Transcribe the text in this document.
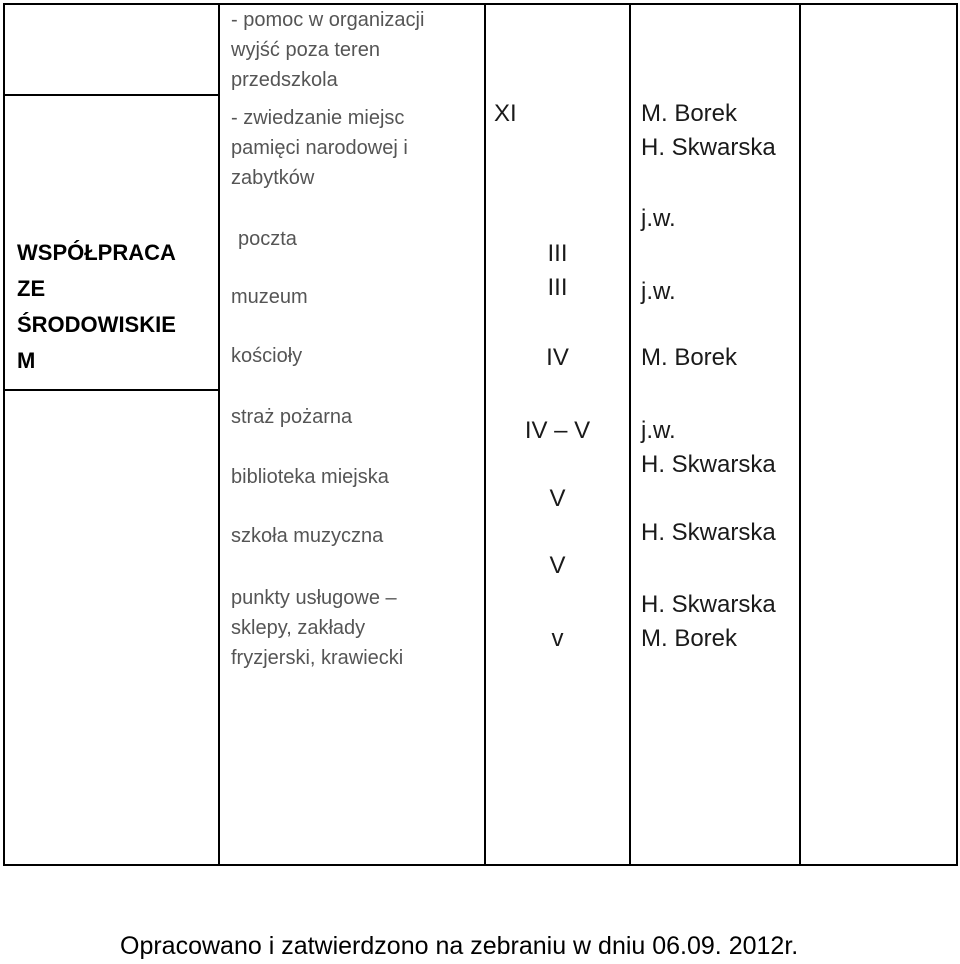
WSPÓŁPRACA
ZE
ŚRODOWISKIE
M
- pomoc w organizacji
wyjść poza teren
przedszkola
- zwiedzanie miejsc
pamięci narodowej i
zabytków
poczta
muzeum
kościoły
straż pożarna
biblioteka miejska
szkoła muzyczna
punkty usługowe –
sklepy, zakłady
fryzjerski, krawiecki
XI
III
III
IV
IV – V
V
V
v
M. Borek
H. Skwarska
j.w.
j.w.
M. Borek
j.w.
H. Skwarska
H. Skwarska
H. Skwarska
M. Borek
Opracowano i zatwierdzono na zebraniu w dniu 06.09. 2012r.
